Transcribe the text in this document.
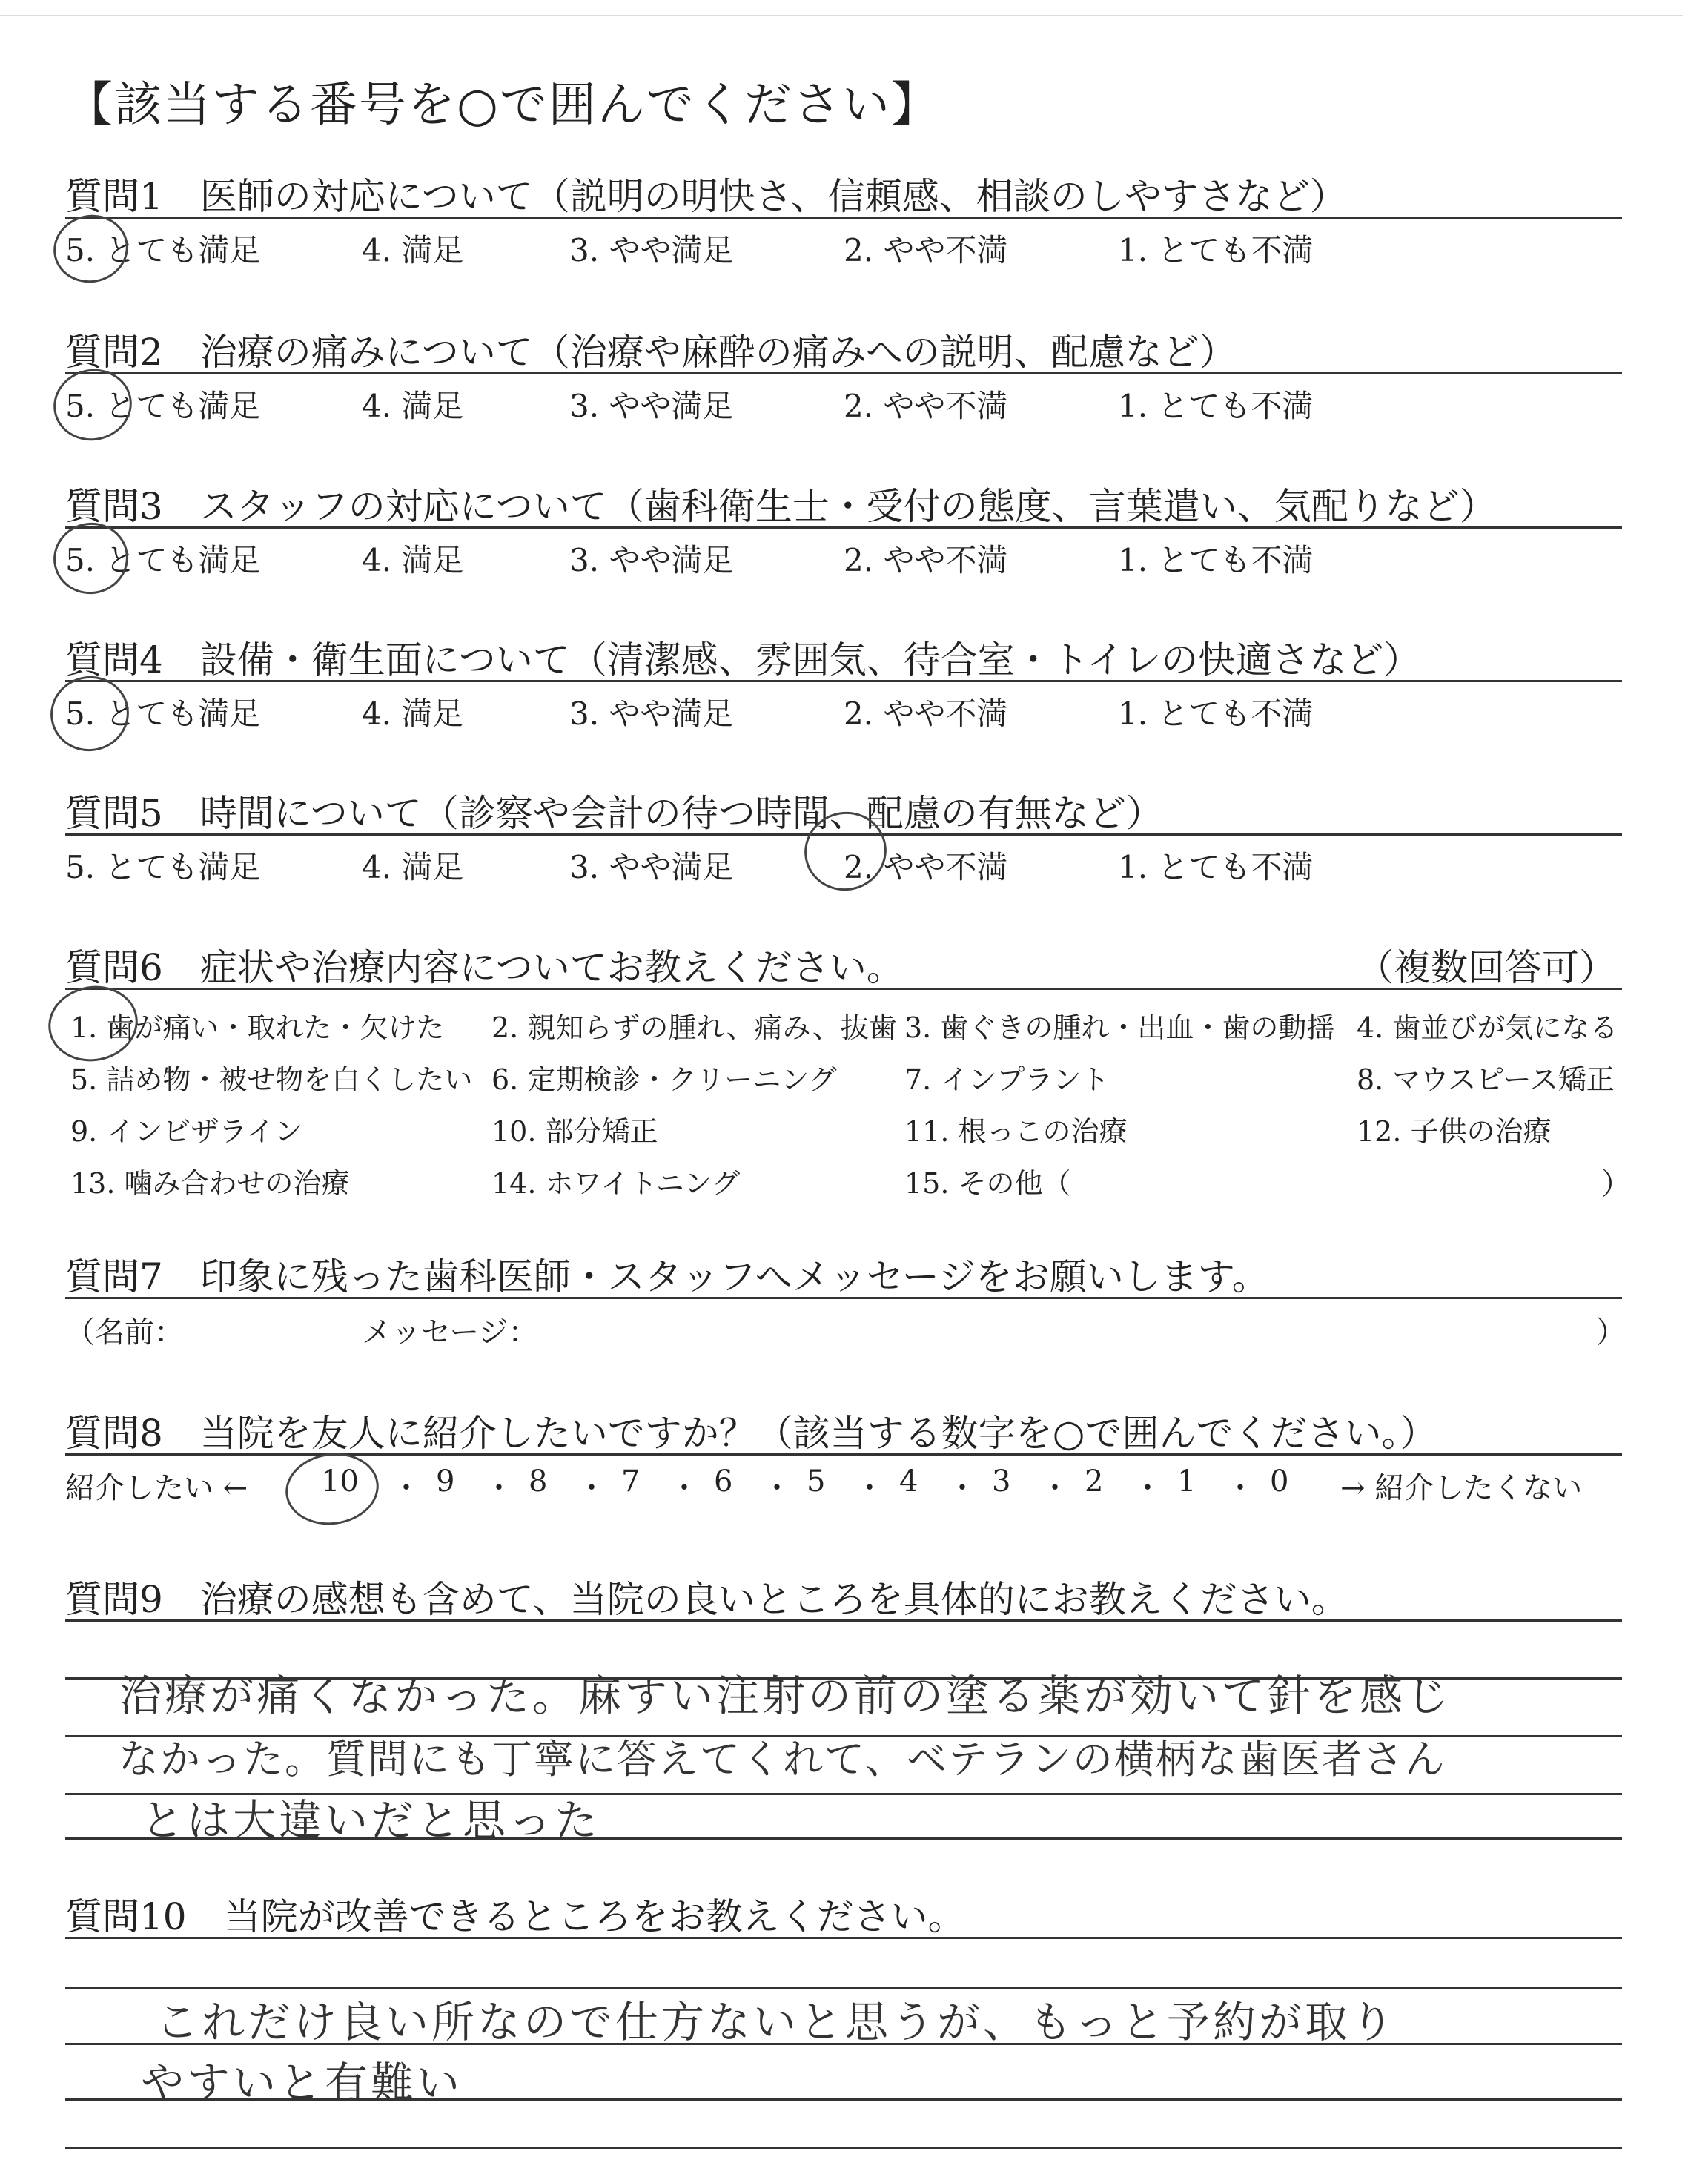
【該当する番号を○で囲んでください】
質問1　医師の対応について（説明の明快さ、信頼感、相談のしやすさなど）
5. とても満足	4. 満足	3. やや満足	2. やや不満	1. とても不満
質問2　治療の痛みについて（治療や麻酔の痛みへの説明、配慮など）
5. とても満足	4. 満足	3. やや満足	2. やや不満	1. とても不満
質問3　スタッフの対応について（歯科衛生士・受付の態度、言葉遣い、気配りなど）
5. とても満足	4. 満足	3. やや満足	2. やや不満	1. とても不満
質問4　設備・衛生面について（清潔感、雰囲気、待合室・トイレの快適さなど）
5. とても満足	4. 満足	3. やや満足	2. やや不満	1. とても不満
質問5　時間について（診察や会計の待つ時間、配慮の有無など）
5. とても満足	4. 満足	3. やや満足	2. やや不満	1. とても不満
質問6　症状や治療内容についてお教えください。	（複数回答可）
1. 歯が痛い・取れた・欠けた 2. 親知らずの腫れ、痛み、抜歯 3. 歯ぐきの腫れ・出血・歯の動揺 4. 歯並びが気になる
5. 詰め物・被せ物を白くしたい 6. 定期検診・クリーニング 7. インプラント	8. マウスピース矯正
9. インビザライン	10. 部分矯正	11. 根っこの治療	12. 子供の治療
13. 噛み合わせの治療	14. ホワイトニング	15. その他（	）
質問7　印象に残った歯科医師・スタッフへメッセージをお願いします。
（名前：	メッセージ：	）
質問8　当院を友人に紹介したいですか？（該当する数字を○で囲んでください。）
紹介したい ← 10 ・ 9 ・ 8 ・ 7 ・ 6 ・ 5 ・ 4 ・ 3 ・ 2 ・ 1 ・ 0 → 紹介したくない
質問9　治療の感想も含めて、当院の良いところを具体的にお教えください。
治療が痛くなかった。麻すい注射の前の塗る薬が効いて針を感じ
なかった。質問にも丁寧に答えてくれて、ベテランの横柄な歯医者さん
とは大違いだと思った
質問10　当院が改善できるところをお教えください。
これだけ良い所なので仕方ないと思うが、もっと予約が取り
やすいと有難い
